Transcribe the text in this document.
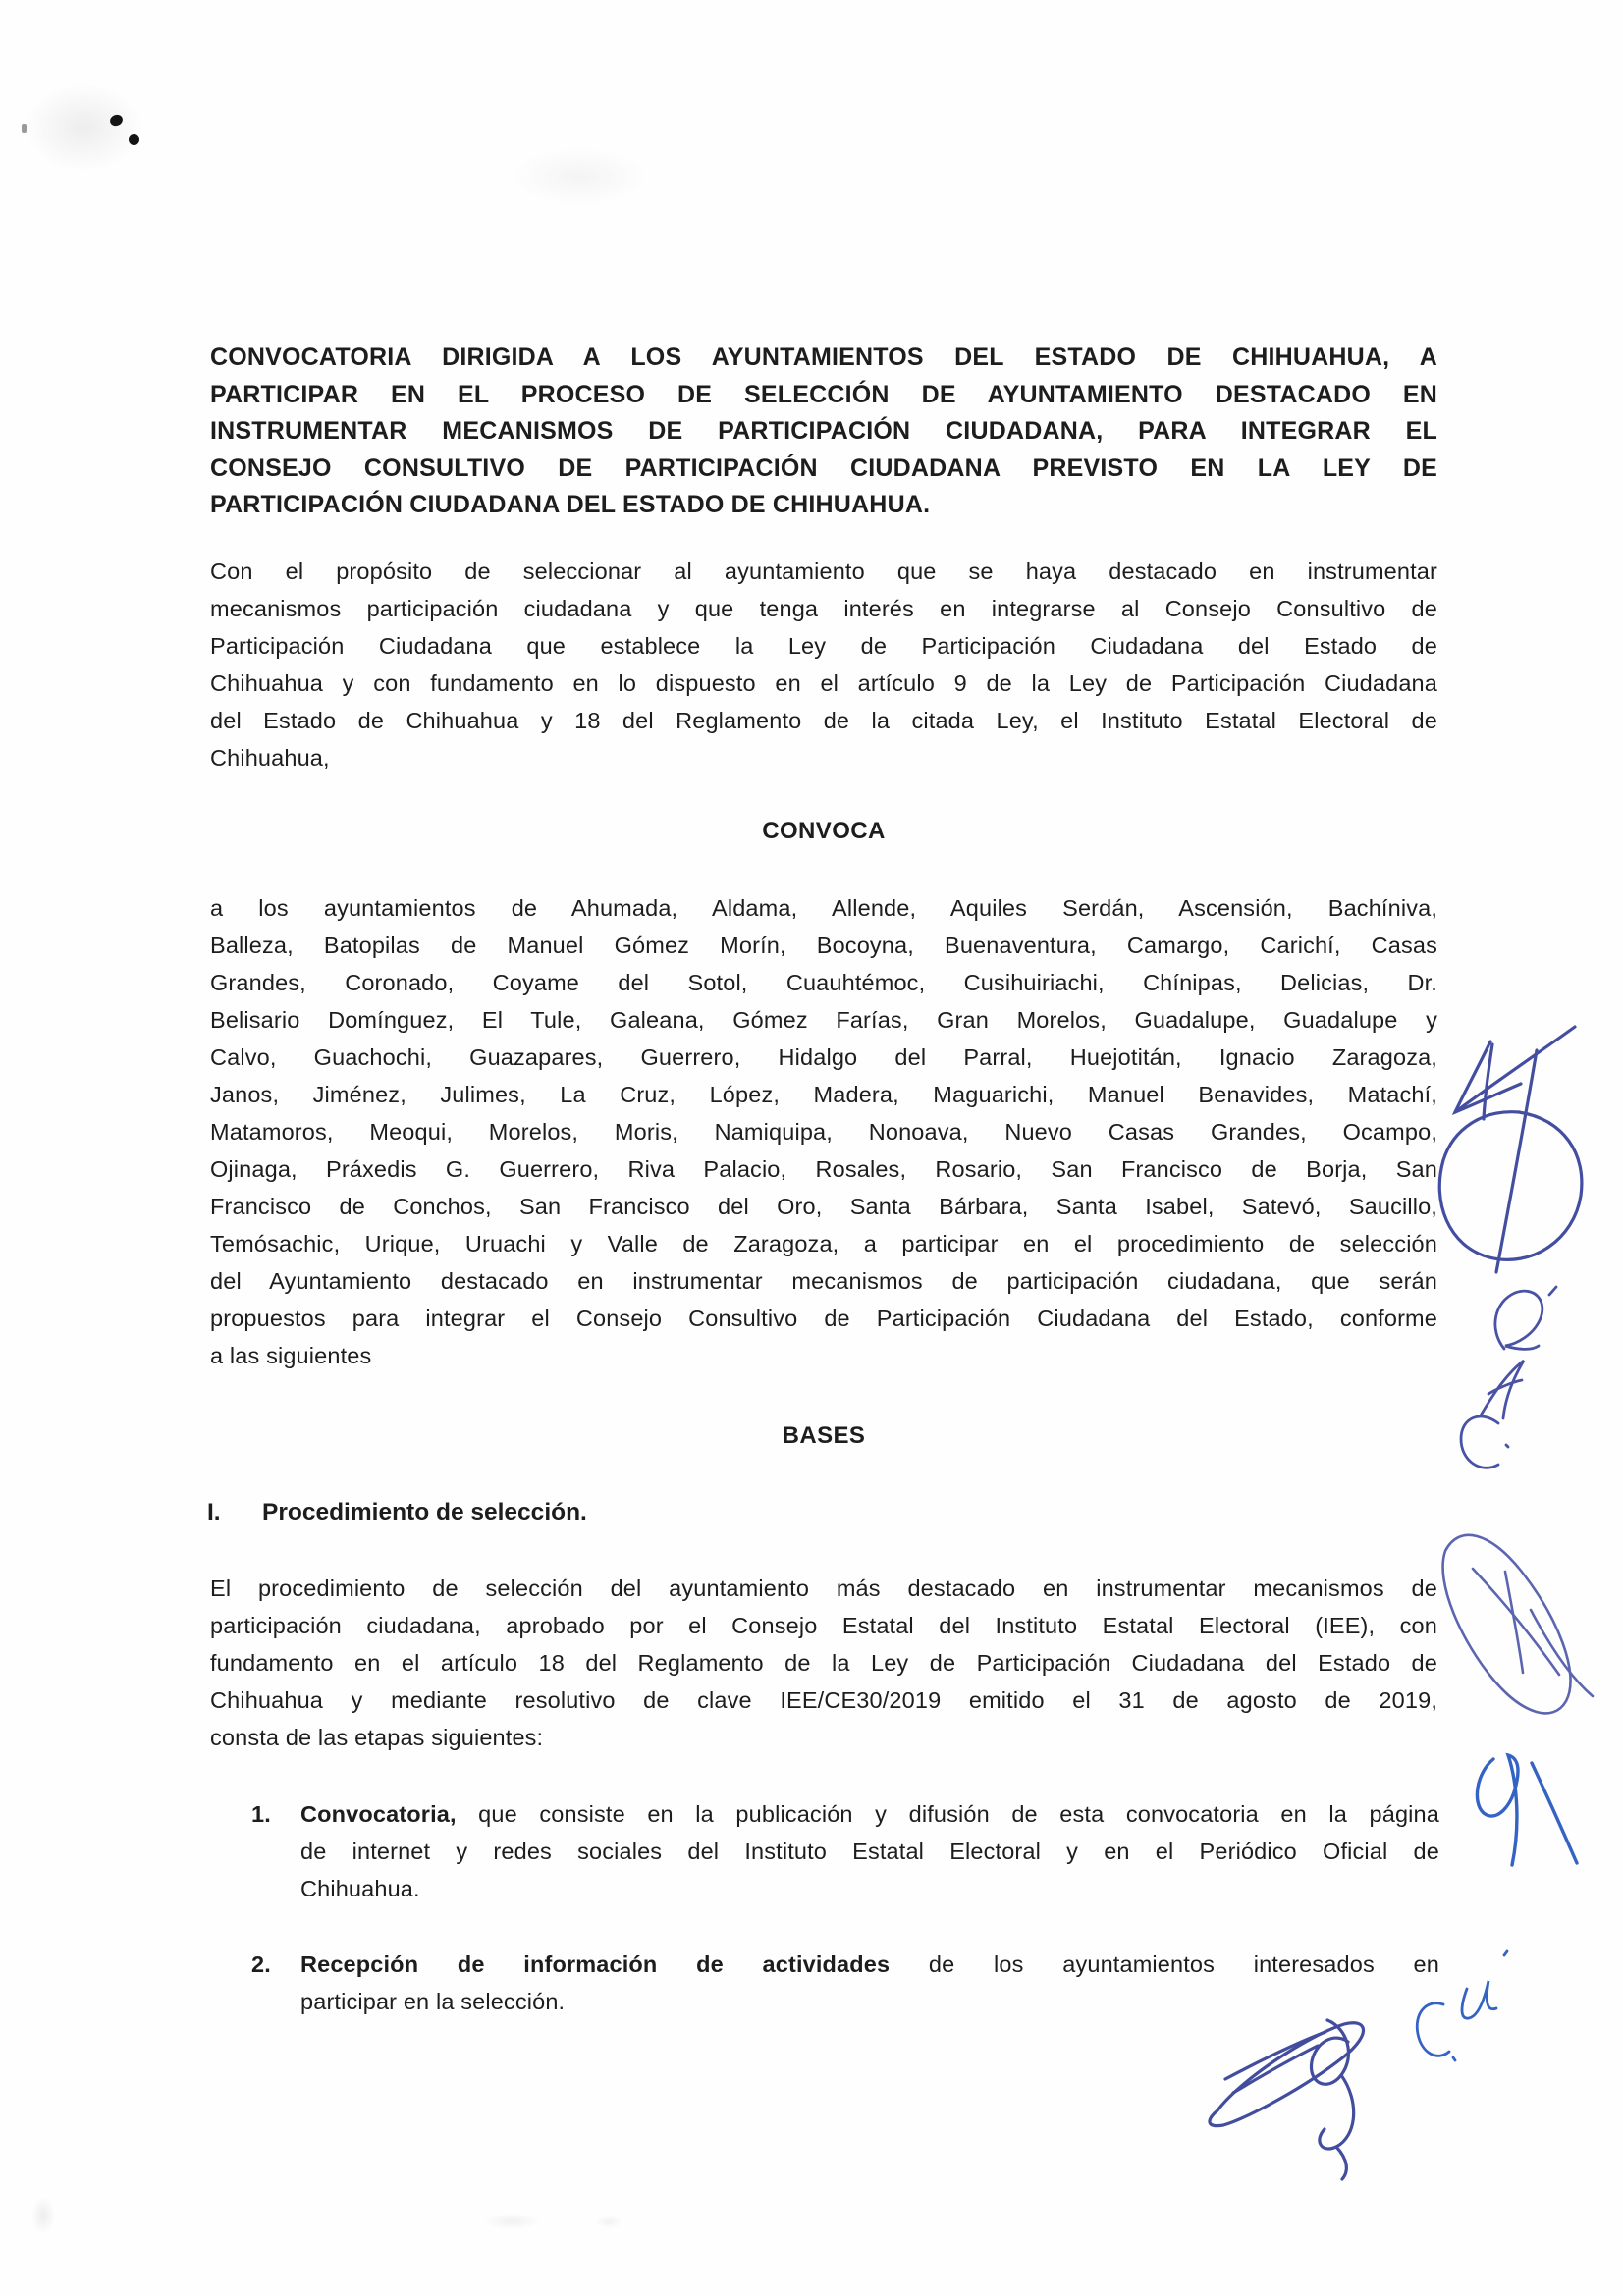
CONVOCATORIA DIRIGIDA A LOS AYUNTAMIENTOS DEL ESTADO DE CHIHUAHUA, A
PARTICIPAR EN EL PROCESO DE SELECCIÓN DE AYUNTAMIENTO DESTACADO EN
INSTRUMENTAR MECANISMOS DE PARTICIPACIÓN CIUDADANA, PARA INTEGRAR EL
CONSEJO CONSULTIVO DE PARTICIPACIÓN CIUDADANA PREVISTO EN LA LEY DE
PARTICIPACIÓN CIUDADANA DEL ESTADO DE CHIHUAHUA.
Con el propósito de seleccionar al ayuntamiento que se haya destacado en instrumentar
mecanismos participación ciudadana y que tenga interés en integrarse al Consejo Consultivo de
Participación Ciudadana que establece la Ley de Participación Ciudadana del Estado de
Chihuahua y con fundamento en lo dispuesto en el artículo 9 de la Ley de Participación Ciudadana
del Estado de Chihuahua y 18 del Reglamento de la citada Ley, el Instituto Estatal Electoral de
Chihuahua,
CONVOCA
a los ayuntamientos de Ahumada, Aldama, Allende, Aquiles Serdán, Ascensión, Bachíniva,
Balleza, Batopilas de Manuel Gómez Morín, Bocoyna, Buenaventura, Camargo, Carichí, Casas
Grandes, Coronado, Coyame del Sotol, Cuauhtémoc, Cusihuiriachi, Chínipas, Delicias, Dr.
Belisario Domínguez, El Tule, Galeana, Gómez Farías, Gran Morelos, Guadalupe, Guadalupe y
Calvo, Guachochi, Guazapares, Guerrero, Hidalgo del Parral, Huejotitán, Ignacio Zaragoza,
Janos, Jiménez, Julimes, La Cruz, López, Madera, Maguarichi, Manuel Benavides, Matachí,
Matamoros, Meoqui, Morelos, Moris, Namiquipa, Nonoava, Nuevo Casas Grandes, Ocampo,
Ojinaga, Práxedis G. Guerrero, Riva Palacio, Rosales, Rosario, San Francisco de Borja, San
Francisco de Conchos, San Francisco del Oro, Santa Bárbara, Santa Isabel, Satevó, Saucillo,
Temósachic, Urique, Uruachi y Valle de Zaragoza, a participar en el procedimiento de selección
del Ayuntamiento destacado en instrumentar mecanismos de participación ciudadana, que serán
propuestos para integrar el Consejo Consultivo de Participación Ciudadana del Estado, conforme
a las siguientes
BASES
I.	Procedimiento de selección.
El procedimiento de selección del ayuntamiento más destacado en instrumentar mecanismos de
participación ciudadana, aprobado por el Consejo Estatal del Instituto Estatal Electoral (IEE), con
fundamento en el artículo 18 del Reglamento de la Ley de Participación Ciudadana del Estado de
Chihuahua y mediante resolutivo de clave IEE/CE30/2019 emitido el 31 de agosto de 2019,
consta de las etapas siguientes:
1.	Convocatoria, que consiste en la publicación y difusión de esta convocatoria en la página
de internet y redes sociales del Instituto Estatal Electoral y en el Periódico Oficial de
Chihuahua.
2.	Recepción de información de actividades de los ayuntamientos interesados en
participar en la selección.
